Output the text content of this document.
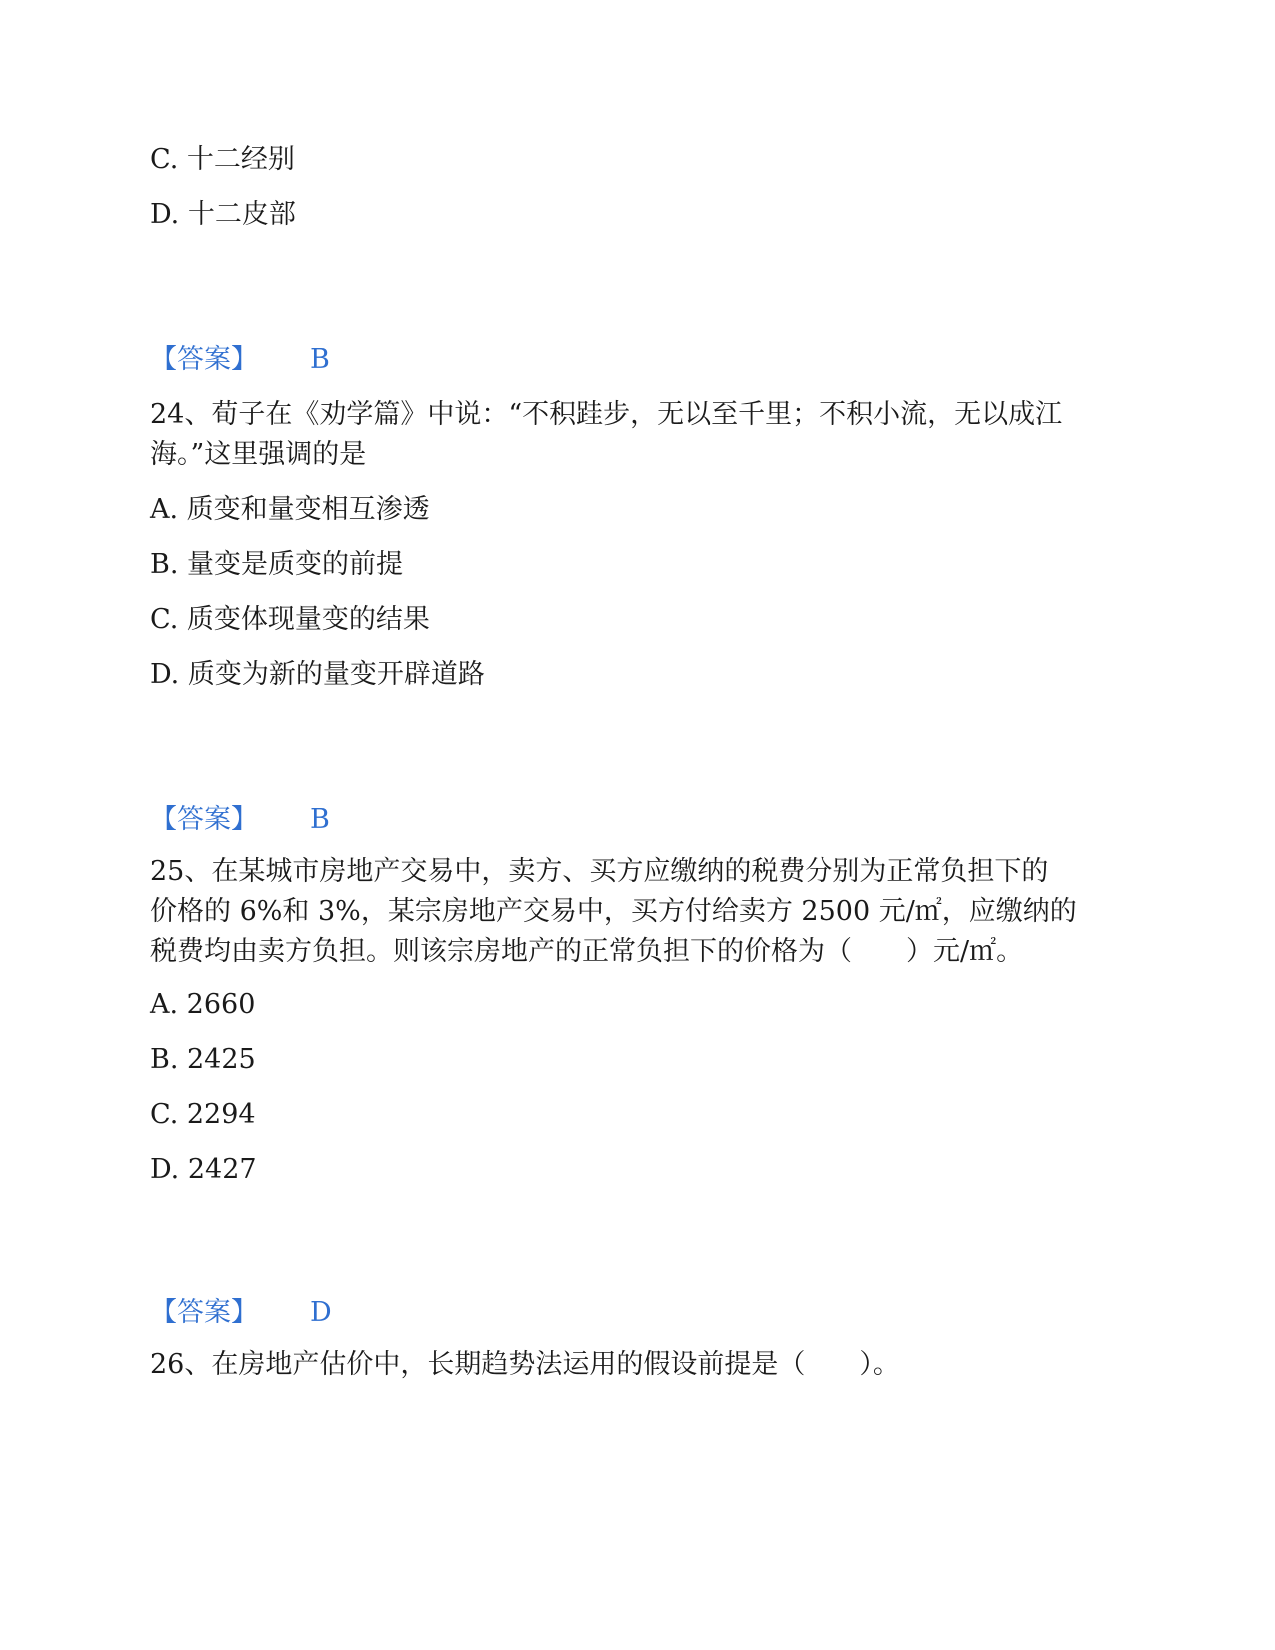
C. 十二经别
D. 十二皮部
【答案】 B
24、荀子在《劝学篇》中说：“不积跬步，无以至千里；不积小流，无以成江
海。”这里强调的是
A. 质变和量变相互渗透
B. 量变是质变的前提
C. 质变体现量变的结果
D. 质变为新的量变开辟道路
【答案】 B
25、在某城市房地产交易中，卖方、买方应缴纳的税费分别为正常负担下的
价格的 6%和 3%，某宗房地产交易中，买方付给卖方 2500 元/㎡，应缴纳的
税费均由卖方负担。则该宗房地产的正常负担下的价格为（　　）元/㎡。
A. 2660
B. 2425
C. 2294
D. 2427
【答案】 D
26、在房地产估价中，长期趋势法运用的假设前提是（　　）。
